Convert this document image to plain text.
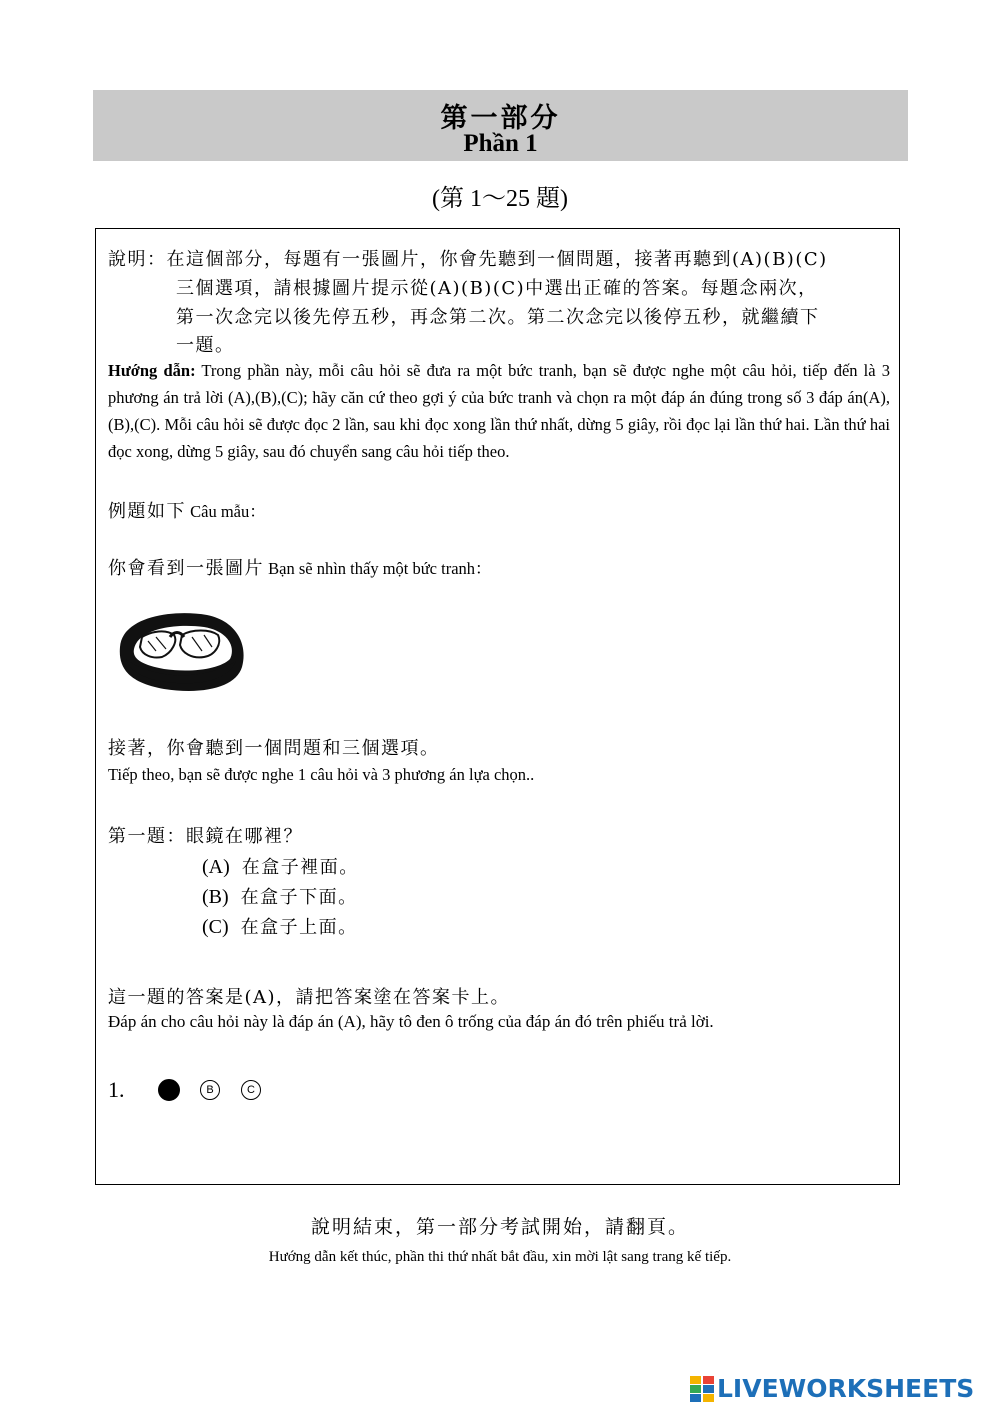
第一部分
Phần 1
(第 1～25 題)
說明：在這個部分，每題有一張圖片，你會先聽到一個問題，接著再聽到(A)(B)(C)
三個選項，請根據圖片提示從(A)(B)(C)中選出正確的答案。每題念兩次，
第一次念完以後先停五秒，再念第二次。第二次念完以後停五秒，就繼續下
一題。
Hướng dẫn: Trong phần này, mỗi câu hỏi sẽ đưa ra một bức tranh, bạn sẽ được nghe một câu hỏi, tiếp đến là 3 phương án trả lời (A),(B),(C); hãy căn cứ theo gợi ý của bức tranh và chọn ra một đáp án đúng trong số 3 đáp án(A),(B),(C). Mỗi câu hỏi sẽ được đọc 2 lần, sau khi đọc xong lần thứ nhất, dừng 5 giây, rồi đọc lại lần thứ hai. Lần thứ hai đọc xong, dừng 5 giây, sau đó chuyển sang câu hỏi tiếp theo.
例題如下 Câu mẫu：
你會看到一張圖片 Bạn sẽ nhìn thấy một bức tranh：
接著，你會聽到一個問題和三個選項。
Tiếp theo, bạn sẽ được nghe 1 câu hỏi và 3 phương án lựa chọn..
第一題：眼鏡在哪裡？
(A) 在盒子裡面。
(B) 在盒子下面。
(C) 在盒子上面。
這一題的答案是(A)，請把答案塗在答案卡上。
Đáp án cho câu hỏi này là đáp án (A), hãy tô đen ô trống của đáp án đó trên phiếu trả lời.
1.	B	C
說明結束，第一部分考試開始，請翻頁。
Hướng dẫn kết thúc, phần thi thứ nhất bắt đầu, xin mời lật sang trang kế tiếp.
LIVEWORKSHEETS
